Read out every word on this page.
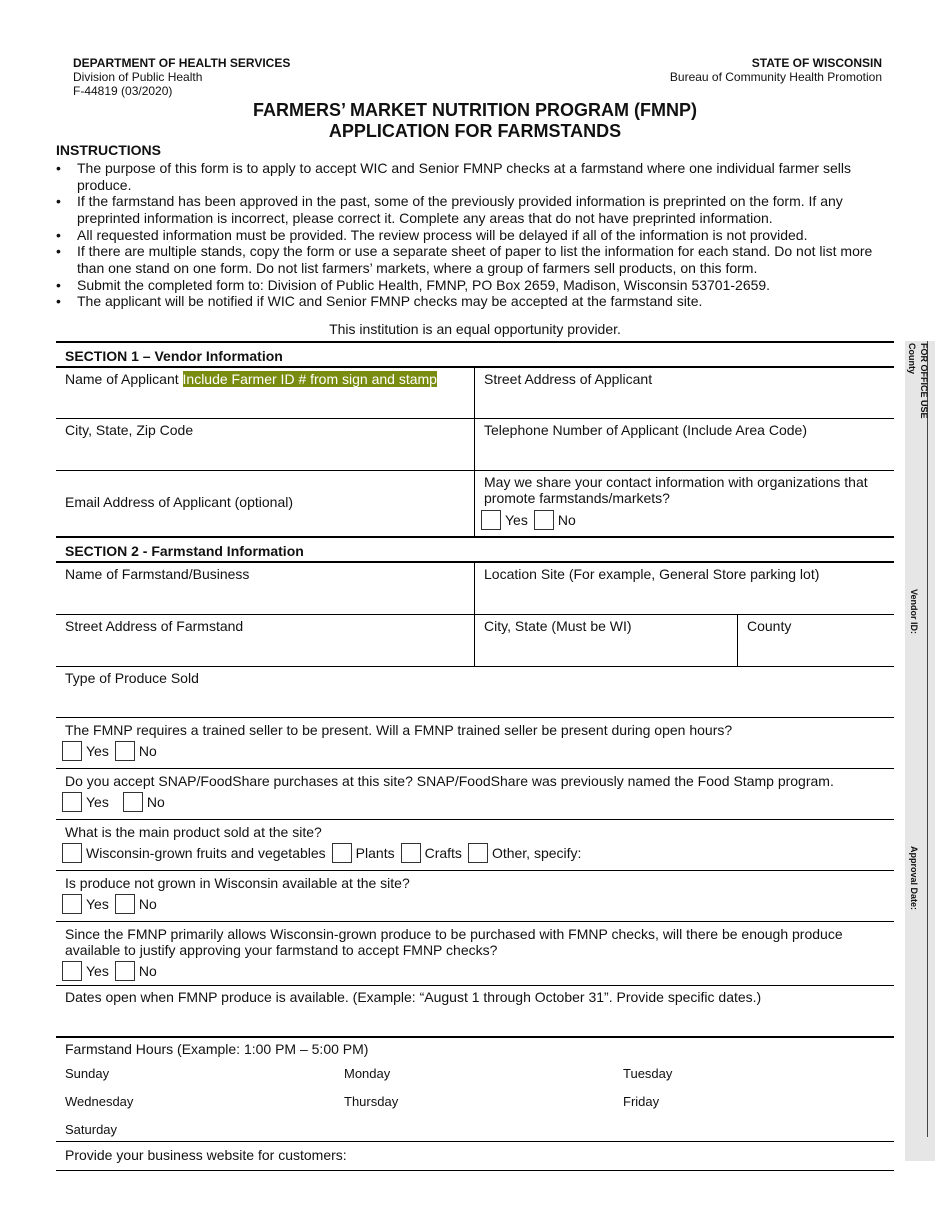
DEPARTMENT OF HEALTH SERVICES
Division of Public Health
F-44819 (03/2020)
STATE OF WISCONSIN
Bureau of Community Health Promotion
FARMERS’ MARKET NUTRITION PROGRAM (FMNP)
APPLICATION FOR FARMSTANDS
INSTRUCTIONS
• The purpose of this form is to apply to accept WIC and Senior FMNP checks at a farmstand where one individual farmer sells produce.
• If the farmstand has been approved in the past, some of the previously provided information is preprinted on the form. If any preprinted information is incorrect, please correct it. Complete any areas that do not have preprinted information.
• All requested information must be provided. The review process will be delayed if all of the information is not provided.
• If there are multiple stands, copy the form or use a separate sheet of paper to list the information for each stand. Do not list more than one stand on one form. Do not list farmers’ markets, where a group of farmers sell products, on this form.
• Submit the completed form to: Division of Public Health, FMNP, PO Box 2659, Madison, Wisconsin 53701-2659.
• The applicant will be notified if WIC and Senior FMNP checks may be accepted at the farmstand site.
This institution is an equal opportunity provider.
SECTION 1 – Vendor Information
Name of Applicant Include Farmer ID # from sign and stamp	Street Address of Applicant
City, State, Zip Code	Telephone Number of Applicant (Include Area Code)
Email Address of Applicant (optional)
May we share your contact information with organizations that promote farmstands/markets?
Yes No
SECTION 2 - Farmstand Information
Name of Farmstand/Business	Location Site (For example, General Store parking lot)
Street Address of Farmstand	City, State (Must be WI)	County
Type of Produce Sold
The FMNP requires a trained seller to be present. Will a FMNP trained seller be present during open hours?
Yes No
Do you accept SNAP/FoodShare purchases at this site? SNAP/FoodShare was previously named the Food Stamp program.
Yes	No
What is the main product sold at the site?
Wisconsin-grown fruits and vegetables Plants Crafts Other, specify:
Is produce not grown in Wisconsin available at the site?
Yes No
Since the FMNP primarily allows Wisconsin-grown produce to be purchased with FMNP checks, will there be enough produce available to justify approving your farmstand to accept FMNP checks?
Yes No
Dates open when FMNP produce is available. (Example: “August 1 through October 31”. Provide specific dates.)
Farmstand Hours (Example: 1:00 PM – 5:00 PM)
Sunday	Monday	Tuesday
Wednesday	Thursday	Friday
Saturday
Provide your business website for customers:
FOR OFFICE USE
County
Vendor ID:
Approval Date:
